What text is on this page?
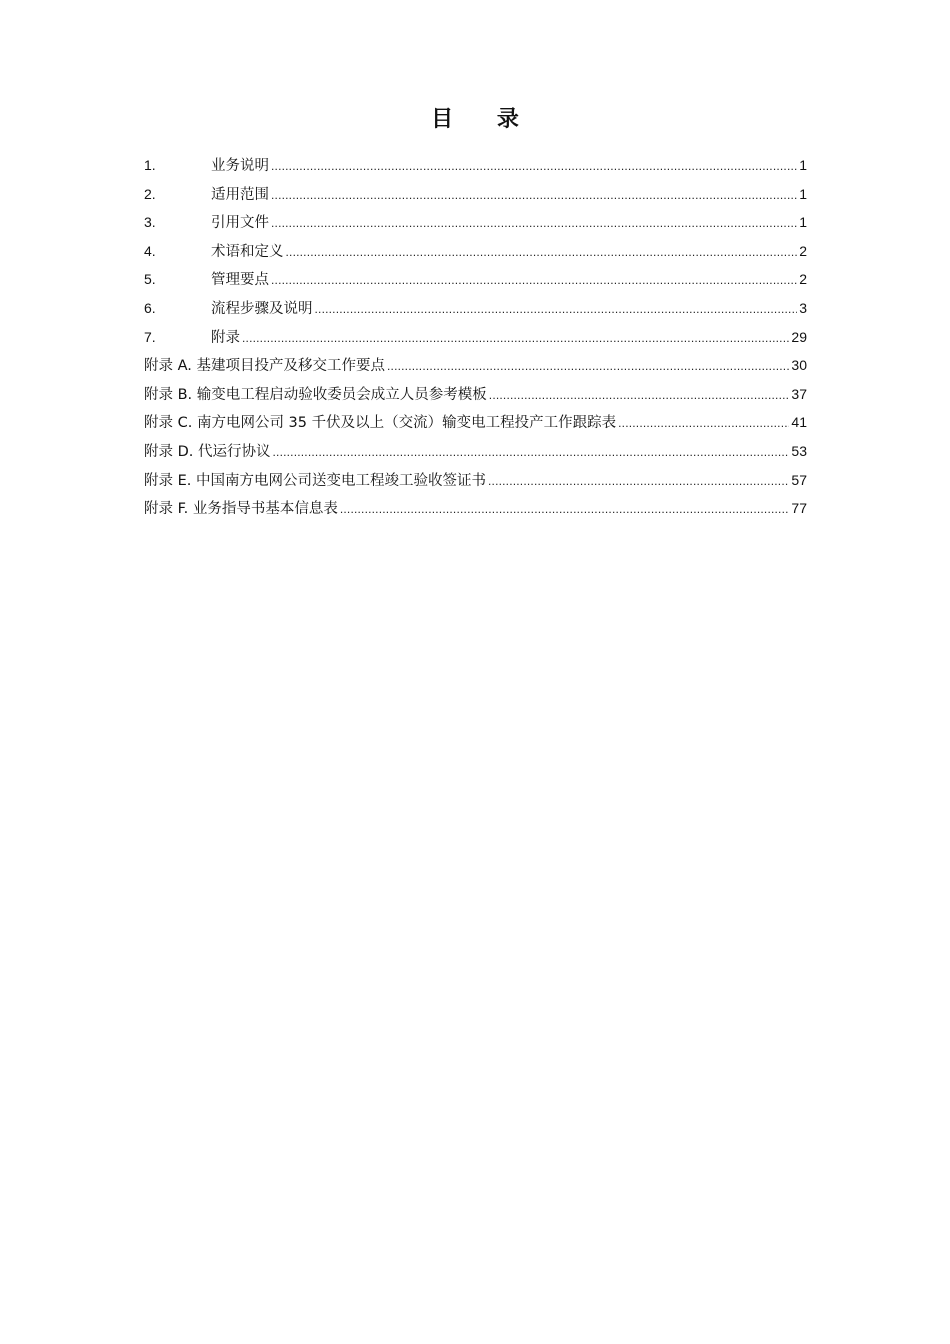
目 录
1.	业务说明 .....	1
2.	适用范围 .....	1
3.	引用文件 .....	1
4.	术语和定义 .....	2
5.	管理要点 .....	2
6.	流程步骤及说明 .....	3
7.	附录 .....	29
附录 A. 基建项目投产及移交工作要点 .....	30
附录 B. 输变电工程启动验收委员会成立人员参考模板 .....	37
附录 C. 南方电网公司 35 千伏及以上（交流）输变电工程投产工作跟踪表 .....	41
附录 D. 代运行协议 .....	53
附录 E. 中国南方电网公司送变电工程竣工验收签证书 .....	57
附录 F. 业务指导书基本信息表 .....	77
